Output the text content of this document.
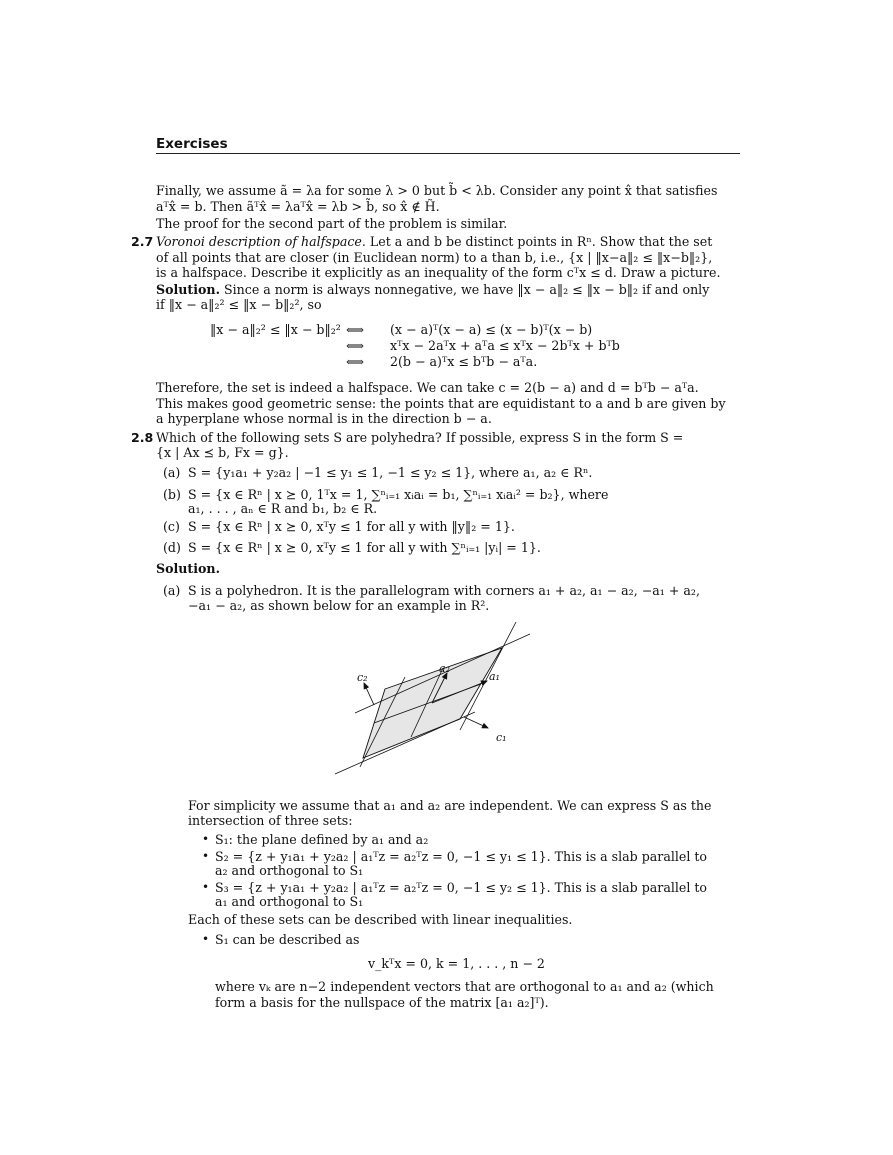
Exercises
Finally, we assume ã = λa for some λ > 0 but b̃ < λb. Consider any point x̂ that satisfies
aᵀx̂ = b. Then ãᵀx̂ = λaᵀx̂ = λb > b̃, so x̂ ∉ H̃.
The proof for the second part of the problem is similar.
2.7 Voronoi description of halfspace. Let a and b be distinct points in Rⁿ. Show that the set
of all points that are closer (in Euclidean norm) to a than b, i.e., {x | ‖x−a‖₂ ≤ ‖x−b‖₂},
is a halfspace. Describe it explicitly as an inequality of the form cᵀx ≤ d. Draw a picture.
Solution. Since a norm is always nonnegative, we have ‖x − a‖₂ ≤ ‖x − b‖₂ if and only
if ‖x − a‖₂² ≤ ‖x − b‖₂², so
‖x − a‖₂² ≤ ‖x − b‖₂² ⟺
⟺
⟺
(x − a)ᵀ(x − a) ≤ (x − b)ᵀ(x − b)
xᵀx − 2aᵀx + aᵀa ≤ xᵀx − 2bᵀx + bᵀb
2(b − a)ᵀx ≤ bᵀb − aᵀa.
Therefore, the set is indeed a halfspace. We can take c = 2(b − a) and d = bᵀb − aᵀa.
This makes good geometric sense: the points that are equidistant to a and b are given by
a hyperplane whose normal is in the direction b − a.
2.8 Which of the following sets S are polyhedra? If possible, express S in the form S =
{x | Ax ⪯ b, Fx = g}.
(a) S = {y₁a₁ + y₂a₂ | −1 ≤ y₁ ≤ 1, −1 ≤ y₂ ≤ 1}, where a₁, a₂ ∈ Rⁿ.
(b) S = {x ∈ Rⁿ | x ⪰ 0, 1ᵀx = 1, ∑ⁿᵢ₌₁ xᵢaᵢ = b₁, ∑ⁿᵢ₌₁ xᵢaᵢ² = b₂}, where
a₁, . . . , aₙ ∈ R and b₁, b₂ ∈ R.
(c) S = {x ∈ Rⁿ | x ⪰ 0, xᵀy ≤ 1 for all y with ‖y‖₂ = 1}.
(d) S = {x ∈ Rⁿ | x ⪰ 0, xᵀy ≤ 1 for all y with ∑ⁿᵢ₌₁ |yᵢ| = 1}.
Solution.
(a) S is a polyhedron. It is the parallelogram with corners a₁ + a₂, a₁ − a₂, −a₁ + a₂,
−a₁ − a₂, as shown below for an example in R².
c₂
a₂
a₁
c₁
For simplicity we assume that a₁ and a₂ are independent. We can express S as the
intersection of three sets:
• S₁: the plane defined by a₁ and a₂
• S₂ = {z + y₁a₁ + y₂a₂ | a₁ᵀz = a₂ᵀz = 0, −1 ≤ y₁ ≤ 1}. This is a slab parallel to
a₂ and orthogonal to S₁
• S₃ = {z + y₁a₁ + y₂a₂ | a₁ᵀz = a₂ᵀz = 0, −1 ≤ y₂ ≤ 1}. This is a slab parallel to
a₁ and orthogonal to S₁
Each of these sets can be described with linear inequalities.
• S₁ can be described as
v_kᵀx = 0, k = 1, . . . , n − 2
where vₖ are n−2 independent vectors that are orthogonal to a₁ and a₂ (which
form a basis for the nullspace of the matrix [a₁ a₂]ᵀ).
